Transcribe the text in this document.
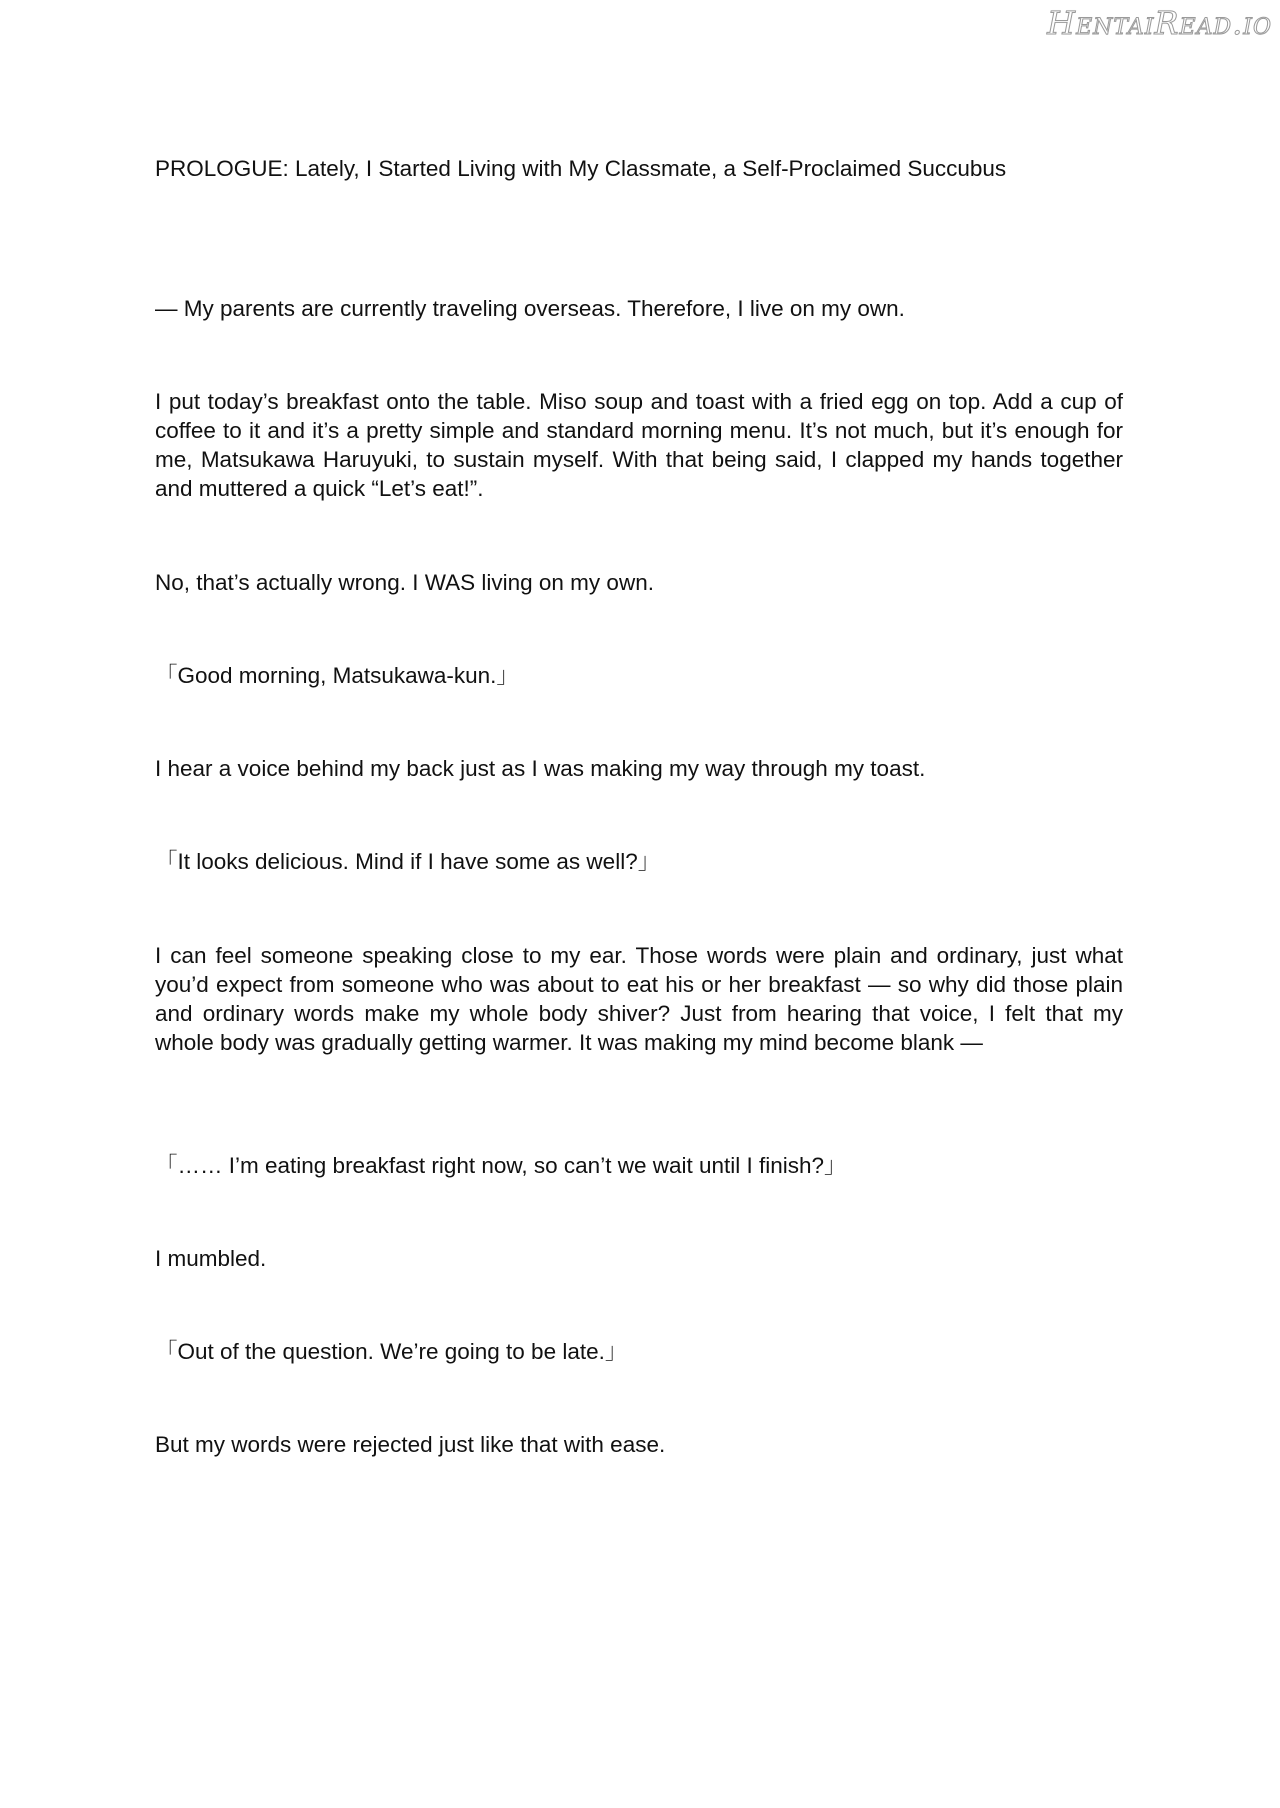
HentaiRead.io

PROLOGUE: Lately, I Started Living with My Classmate, a Self-Proclaimed Succubus

— My parents are currently traveling overseas. Therefore, I live on my own.

I put today’s breakfast onto the table. Miso soup and toast with a fried egg on top. Add a cup of coffee to it and it’s a pretty simple and standard morning menu. It’s not much, but it’s enough for me, Matsukawa Haruyuki, to sustain myself. With that being said, I clapped my hands together and muttered a quick “Let’s eat!”.

No, that’s actually wrong. I WAS living on my own.

「Good morning, Matsukawa-kun.」

I hear a voice behind my back just as I was making my way through my toast.

「It looks delicious. Mind if I have some as well?」

I can feel someone speaking close to my ear. Those words were plain and ordinary, just what you’d expect from someone who was about to eat his or her breakfast — so why did those plain and ordinary words make my whole body shiver? Just from hearing that voice, I felt that my whole body was gradually getting warmer. It was making my mind become blank —

「…… I’m eating breakfast right now, so can’t we wait until I finish?」

I mumbled.

「Out of the question. We’re going to be late.」

But my words were rejected just like that with ease.
